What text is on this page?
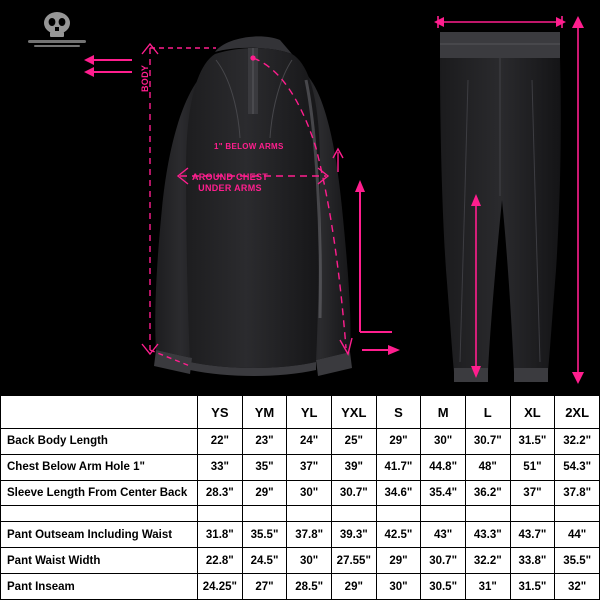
BODY
1" BELOW ARMS
AROUND CHEST
UNDER ARMS
	YS	YM	YL	YXL	S	M	L	XL	2XL
Back Body Length	22"	23"	24"	25"	29"	30"	30.7"	31.5"	32.2"
Chest Below Arm Hole 1"	33"	35"	37"	39"	41.7"	44.8"	48"	51"	54.3"
Sleeve Length From Center Back	28.3"	29"	30"	30.7"	34.6"	35.4"	36.2"	37"	37.8"

Pant Outseam Including Waist	31.8"	35.5"	37.8"	39.3"	42.5"	43"	43.3"	43.7"	44"
Pant Waist Width	22.8"	24.5"	30"	27.55"	29"	30.7"	32.2"	33.8"	35.5"
Pant Inseam	24.25"	27"	28.5"	29"	30"	30.5"	31"	31.5"	32"
